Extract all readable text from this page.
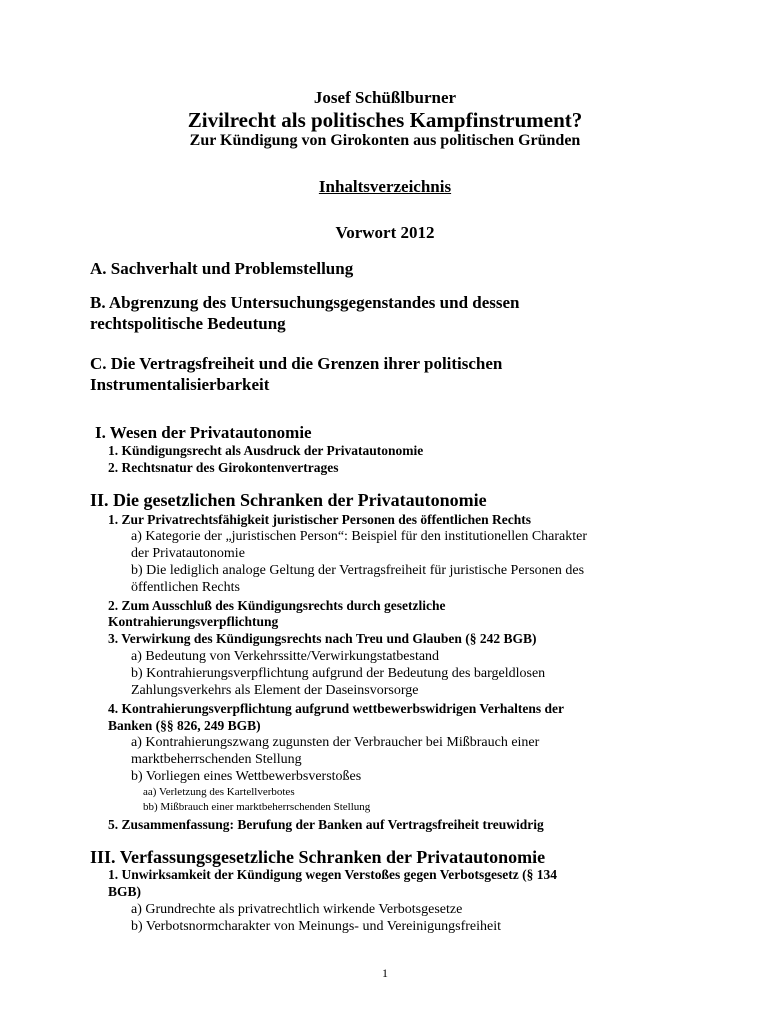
Josef Schüßlburner
Zivilrecht als politisches Kampfinstrument?
Zur Kündigung von Girokonten aus politischen Gründen
Inhaltsverzeichnis
Vorwort 2012
A. Sachverhalt und Problemstellung
B. Abgrenzung des Untersuchungsgegenstandes und dessen
rechtspolitische Bedeutung
C. Die Vertragsfreiheit und die Grenzen ihrer politischen
Instrumentalisierbarkeit
I. Wesen der Privatautonomie
1. Kündigungsrecht als Ausdruck der Privatautonomie
2. Rechtsnatur des Girokontenvertrages
II. Die gesetzlichen Schranken der Privatautonomie
1. Zur Privatrechtsfähigkeit juristischer Personen des öffentlichen Rechts
a) Kategorie der „juristischen Person“: Beispiel für den institutionellen Charakter
der Privatautonomie
b) Die lediglich analoge Geltung der Vertragsfreiheit für juristische Personen des
öffentlichen Rechts
2. Zum Ausschluß des Kündigungsrechts durch gesetzliche
Kontrahierungsverpflichtung
3. Verwirkung des Kündigungsrechts nach Treu und Glauben (§ 242 BGB)
a) Bedeutung von Verkehrssitte/Verwirkungstatbestand
b) Kontrahierungsverpflichtung aufgrund der Bedeutung des bargeldlosen
Zahlungsverkehrs als Element der Daseinsvorsorge
4. Kontrahierungsverpflichtung aufgrund wettbewerbswidrigen Verhaltens der
Banken (§§ 826, 249 BGB)
a) Kontrahierungszwang zugunsten der Verbraucher bei Mißbrauch einer
marktbeherrschenden Stellung
b) Vorliegen eines Wettbewerbsverstoßes
aa) Verletzung des Kartellverbotes
bb) Mißbrauch einer marktbeherrschenden Stellung
5. Zusammenfassung: Berufung der Banken auf Vertragsfreiheit treuwidrig
III. Verfassungsgesetzliche Schranken der Privatautonomie
1. Unwirksamkeit der Kündigung wegen Verstoßes gegen Verbotsgesetz (§ 134
BGB)
a) Grundrechte als privatrechtlich wirkende Verbotsgesetze
b) Verbotsnormcharakter von Meinungs- und Vereinigungsfreiheit
1
